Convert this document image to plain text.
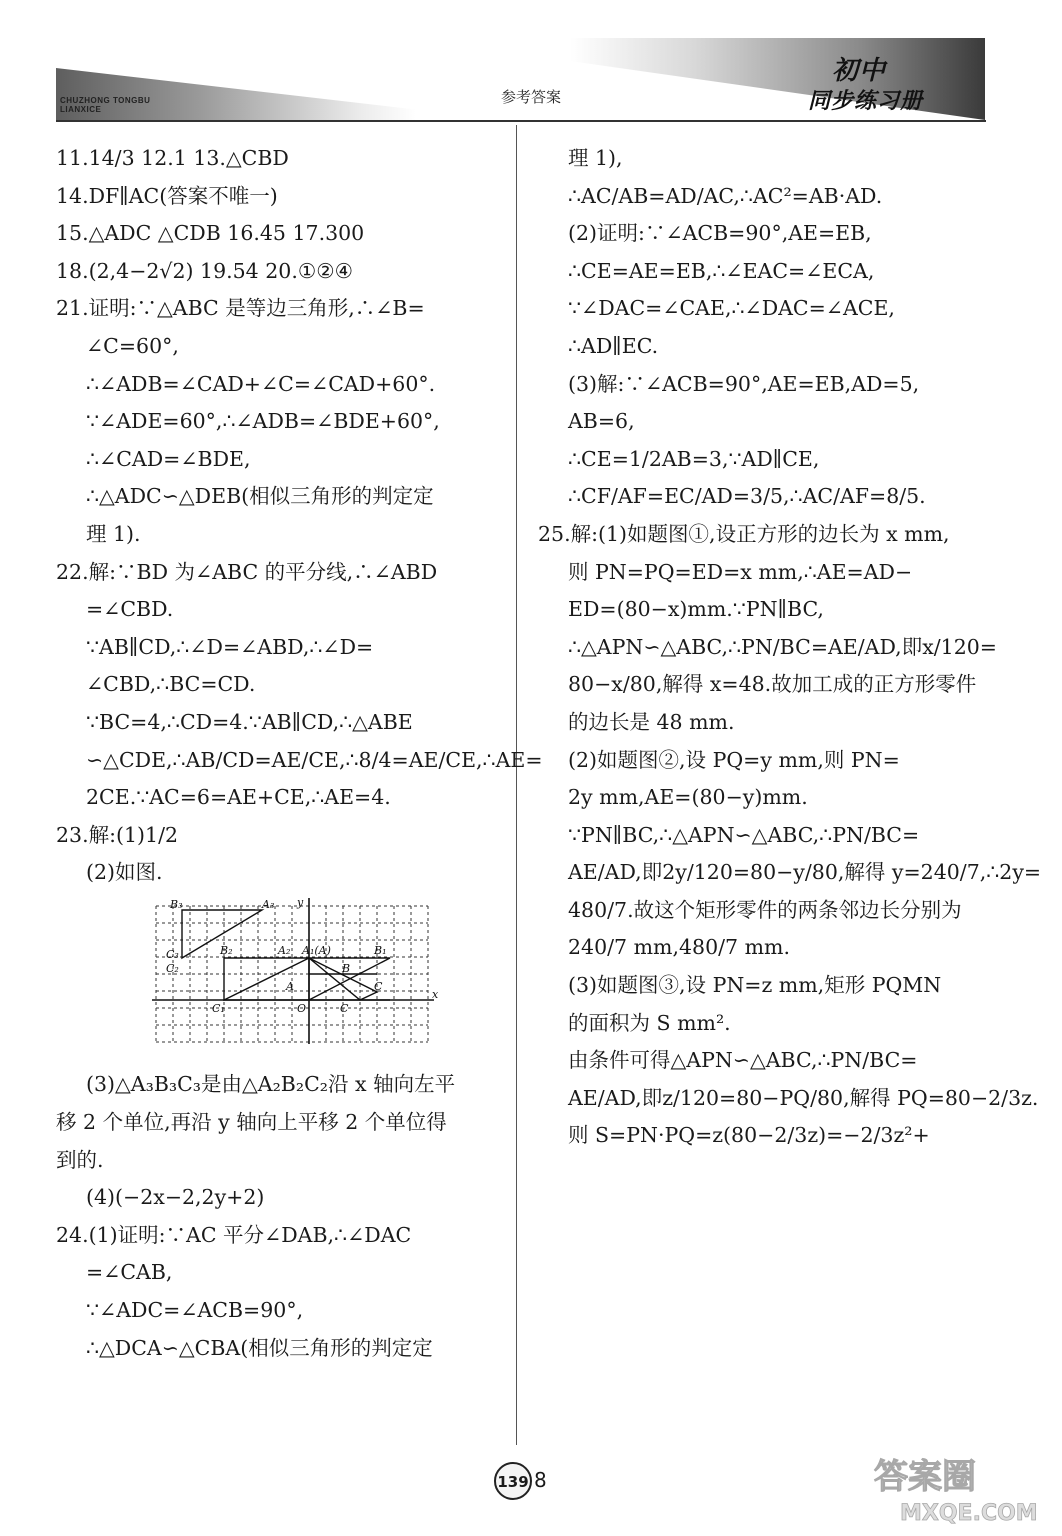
CHUZHONG TONGBU LIANXICE
初中
同步练习册
参考答案
11.14/3 12.1 13.△CBD
14.DF∥AC(答案不唯一)
15.△ADC △CDB 16.45 17.300
18.(2,4−2√2) 19.54 20.①②④
21.证明:∵△ABC 是等边三角形,∴∠B=
∠C=60°,
∴∠ADB=∠CAD+∠C=∠CAD+60°.
∵∠ADE=60°,∴∠ADB=∠BDE+60°,
∴∠CAD=∠BDE,
∴△ADC∽△DEB(相似三角形的判定定
理 1).
22.解:∵BD 为∠ABC 的平分线,∴∠ABD
=∠CBD.
∵AB∥CD,∴∠D=∠ABD,∴∠D=
∠CBD,∴BC=CD.
∵BC=4,∴CD=4.∵AB∥CD,∴△ABE
∽△CDE,∴AB/CD=AE/CE,∴8/4=AE/CE,∴AE=
2CE.∵AC=6=AE+CE,∴AE=4.
23.解:(1)1/2
(2)如图.
y
x
O
B₃	A₃
B₂	A₂
C₂
C₁
A₁(A)	B₁
B
C
A
C
C₃
(3)△A₃B₃C₃是由△A₂B₂C₂沿 x 轴向左平
移 2 个单位,再沿 y 轴向上平移 2 个单位得
到的.
(4)(−2x−2,2y+2)
24.(1)证明:∵AC 平分∠DAB,∴∠DAC
=∠CAB,
∵∠ADC=∠ACB=90°,
∴△DCA∽△CBA(相似三角形的判定定
理 1),
∴AC/AB=AD/AC,∴AC²=AB·AD.
(2)证明:∵∠ACB=90°,AE=EB,
∴CE=AE=EB,∴∠EAC=∠ECA,
∵∠DAC=∠CAE,∴∠DAC=∠ACE,
∴AD∥EC.
(3)解:∵∠ACB=90°,AE=EB,AD=5,
AB=6,
∴CE=1/2AB=3,∵AD∥CE,
∴CF/AF=EC/AD=3/5,∴AC/AF=8/5.
25.解:(1)如题图①,设正方形的边长为 x mm,
则 PN=PQ=ED=x mm,∴AE=AD−
ED=(80−x)mm.∵PN∥BC,
∴△APN∽△ABC,∴PN/BC=AE/AD,即x/120=
80−x/80,解得 x=48.故加工成的正方形零件
的边长是 48 mm.
(2)如题图②,设 PQ=y mm,则 PN=
2y mm,AE=(80−y)mm.
∵PN∥BC,∴△APN∽△ABC,∴PN/BC=
AE/AD,即2y/120=80−y/80,解得 y=240/7,∴2y=
480/7.故这个矩形零件的两条邻边长分别为
240/7 mm,480/7 mm.
(3)如题图③,设 PN=z mm,矩形 PQMN
的面积为 S mm².
由条件可得△APN∽△ABC,∴PN/BC=
AE/AD,即z/120=80−PQ/80,解得 PQ=80−2/3z.
则 S=PN·PQ=z(80−2/3z)=−2/3z²+
139 8	答案圈
MXQE.COM
